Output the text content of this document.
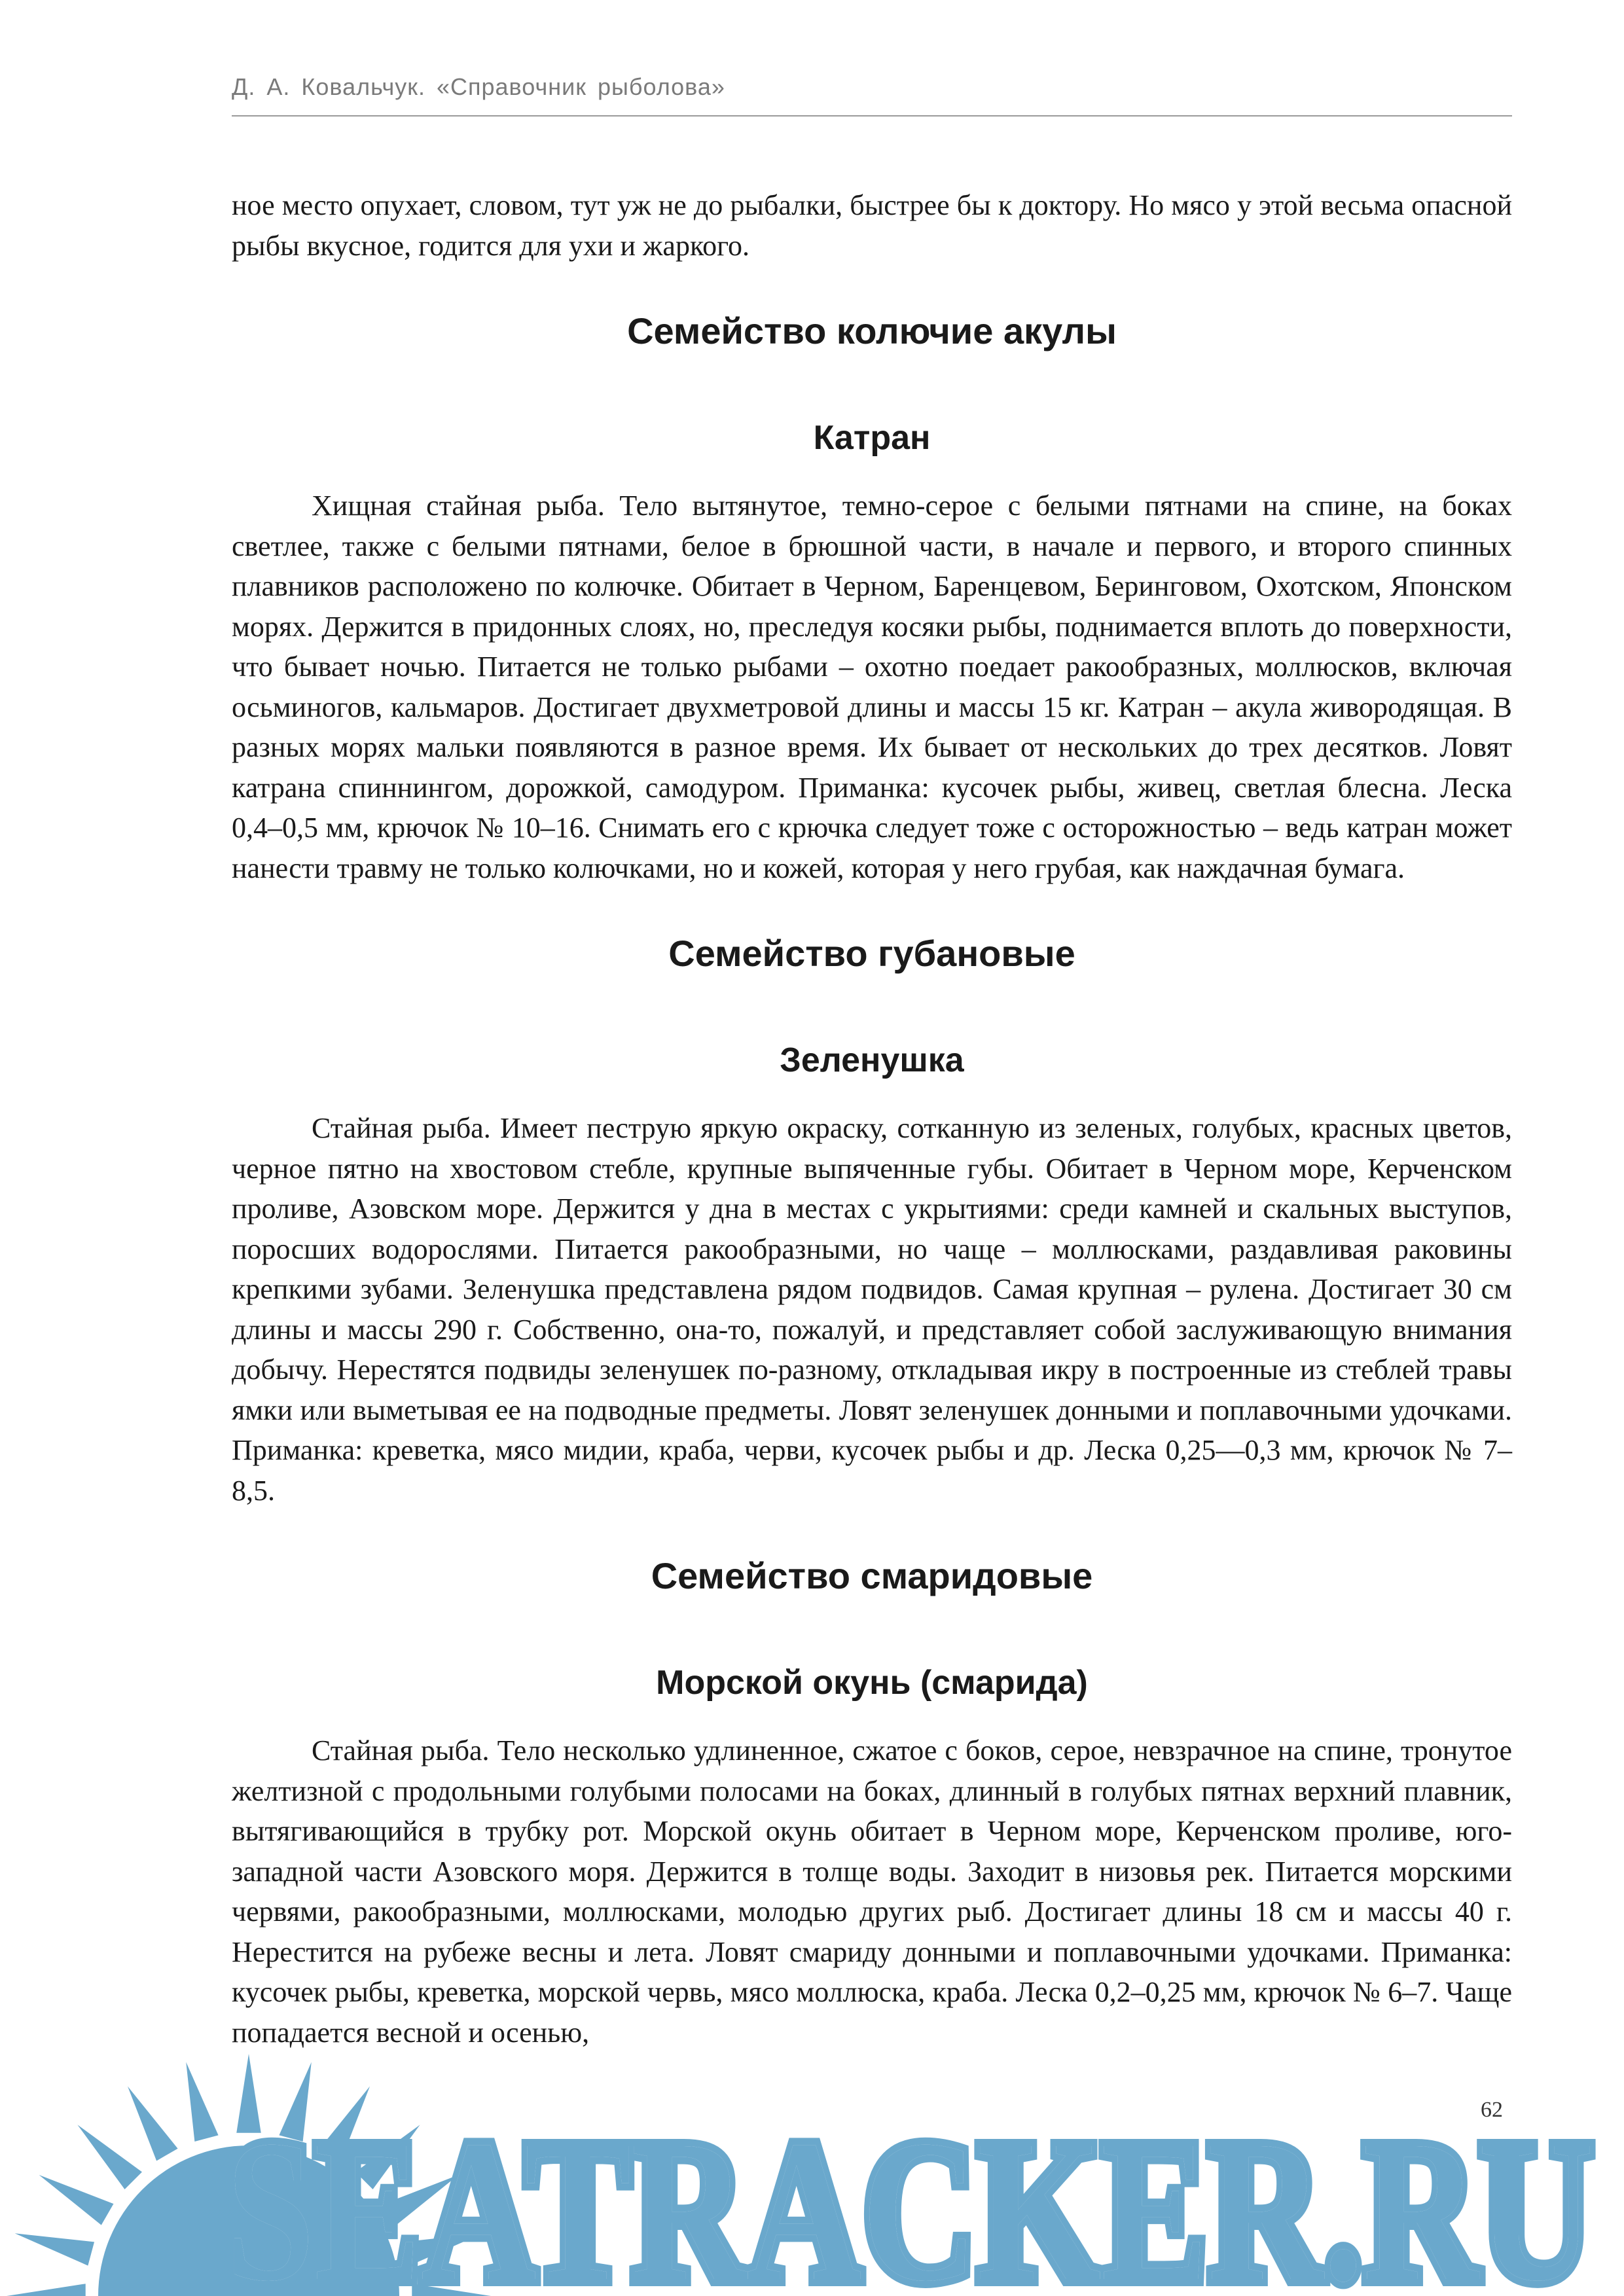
Д. А. Ковальчук. «Справочник рыболова»

ное место опухает, словом, тут уж не до рыбалки, быстрее бы к доктору. Но мясо у этой весьма опасной рыбы вкусное, годится для ухи и жаркого.

Семейство колючие акулы
Катран

Хищная стайная рыба. Тело вытянутое, темно-серое с белыми пятнами на спине, на боках светлее, также с белыми пятнами, белое в брюшной части, в начале и первого, и второго спинных плавников расположено по колючке. Обитает в Черном, Баренцевом, Беринговом, Охотском, Японском морях. Держится в придонных слоях, но, преследуя косяки рыбы, поднимается вплоть до поверхности, что бывает ночью. Питается не только рыбами – охотно поедает ракообразных, моллюсков, включая осьминогов, кальмаров. Достигает двухметровой длины и массы 15 кг. Катран – акула живородящая. В разных морях мальки появляются в разное время. Их бывает от нескольких до трех десятков. Ловят катрана спиннингом, дорожкой, самодуром. Приманка: кусочек рыбы, живец, светлая блесна. Леска 0,4–0,5 мм, крючок № 10–16. Снимать его с крючка следует тоже с осторожностью – ведь катран может нанести травму не только колючками, но и кожей, которая у него грубая, как наждачная бумага.

Семейство губановые
Зеленушка

Стайная рыба. Имеет пеструю яркую окраску, сотканную из зеленых, голубых, красных цветов, черное пятно на хвостовом стебле, крупные выпяченные губы. Обитает в Черном море, Керченском проливе, Азовском море. Держится у дна в местах с укрытиями: среди камней и скальных выступов, поросших водорослями. Питается ракообразными, но чаще – моллюсками, раздавливая раковины крепкими зубами. Зеленушка представлена рядом подвидов. Самая крупная – рулена. Достигает 30 см длины и массы 290 г. Собственно, она-то, пожалуй, и представляет собой заслуживающую внимания добычу. Нерестятся подвиды зеленушек по-разному, откладывая икру в построенные из стеблей травы ямки или выметывая ее на подводные предметы. Ловят зеленушек донными и поплавочными удочками. Приманка: креветка, мясо мидии, краба, черви, кусочек рыбы и др. Леска 0,25—0,3 мм, крючок № 7–8,5.

Семейство смаридовые
Морской окунь (смарида)

Стайная рыба. Тело несколько удлиненное, сжатое с боков, серое, невзрачное на спине, тронутое желтизной с продольными голубыми полосами на боках, длинный в голубых пятнах верхний плавник, вытягивающийся в трубку рот. Морской окунь обитает в Черном море, Керченском проливе, юго-западной части Азовского моря. Держится в толще воды. Заходит в низовья рек. Питается морскими червями, ракообразными, моллюсками, молодью других рыб. Достигает длины 18 см и массы 40 г. Нерестится на рубеже весны и лета. Ловят смариду донными и поплавочными удочками. Приманка: кусочек рыбы, креветка, морской червь, мясо моллюска, краба. Леска 0,2–0,25 мм, крючок № 6–7. Чаще попадается весной и осенью,

SEATRACKER.RU
SEATRACKER.RU
62
